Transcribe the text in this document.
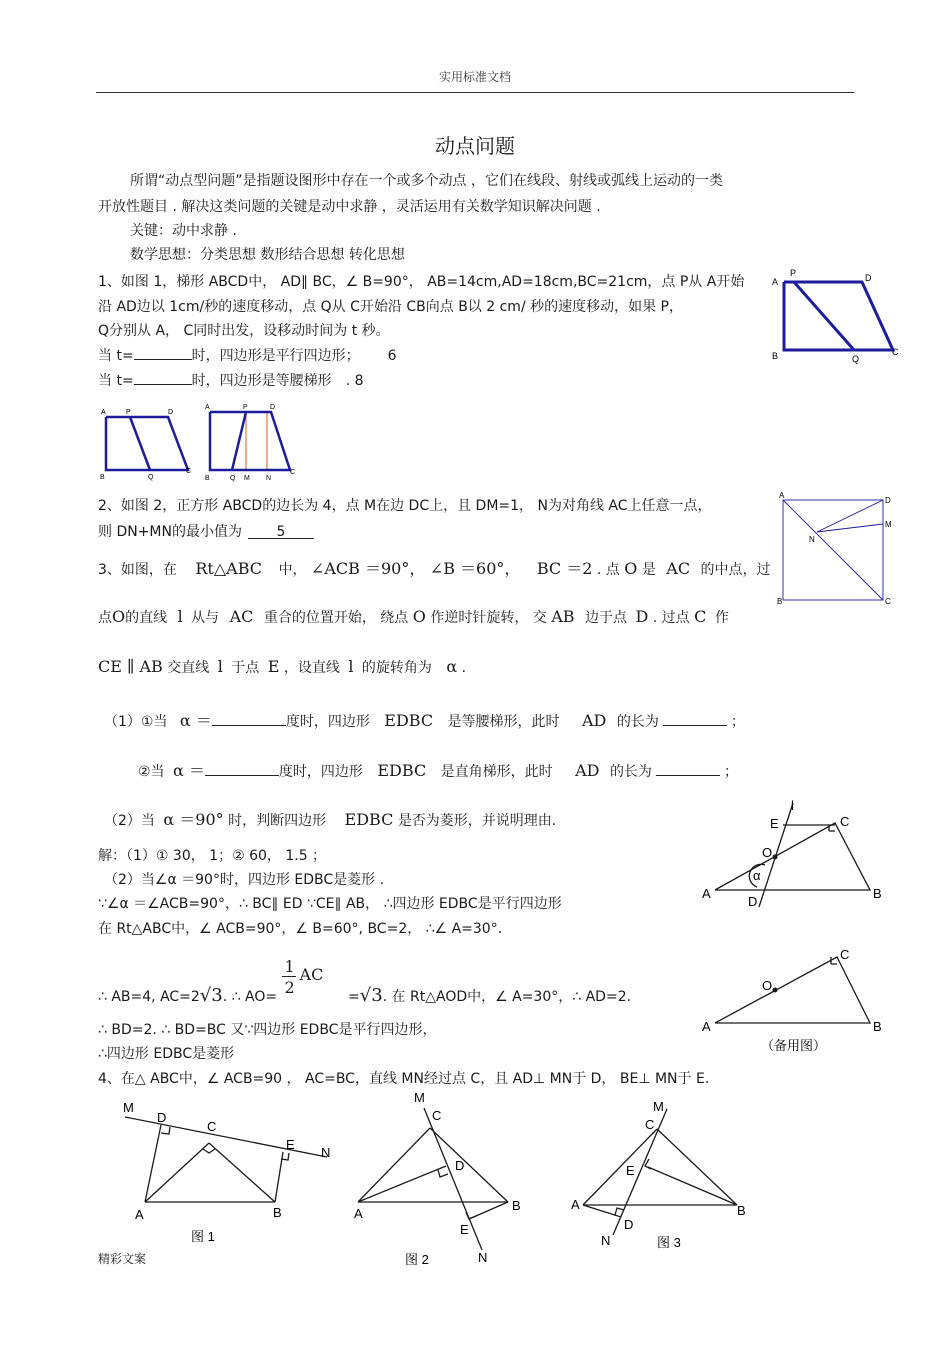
实用标准文档
动点问题
所谓“动点型问题”是指题设图形中存在一个或多个动点 ，它们在线段、射线或弧线上运动的一类
开放性题目 . 解决这类问题的关键是动中求静 ，灵活运用有关数学知识解决问题 .
关键：动中求静 .
数学思想：分类思想 数形结合思想 转化思想
1、如图 1，梯形 ABCD中， AD∥ BC，∠ B=90°， AB=14cm,AD=18cm,BC=21cm，点 P从 A开始
沿 AD边以 1cm/秒的速度移动，点 Q从 C开始沿 CB向点 B以 2 cm/ 秒的速度移动，如果 P，
Q分别从 A， C同时出发，设移动时间为 t 秒。
当 t=	时，四边形是平行四边形； 6
当 t=	时，四边形是等腰梯形 . 8
A
P	D
B	Q
C
A	P	D
B	Q
C
A	P	D
B	Q M N
C
2、如图 2，正方形 ABCD的边长为 4，点 M在边 DC上，且 DM=1， N为对角线 AC上任意一点，
则 DN+MN的最小值为 5
A
D
M
N
B	C
3、如图，在 Rt△ABC 中， ∠ACB ＝90°， ∠B ＝60°， BC ＝2 . 点 O 是 AC 的中点，过
点O的直线 l 从与 AC 重合的位置开始， 绕点 O 作逆时针旋转， 交 AB 边于点 D . 过点 C 作
CE ∥ AB 交直线 l 于点 E ，设直线 l 的旋转角为 α .
（1）①当 α ＝	度时，四边形 EDBC 是等腰梯形，此时 AD 的长为	；
②当 α ＝	度时，四边形 EDBC 是直角梯形，此时 AD 的长为	；
（2）当 α ＝90° 时，判断四边形 EDBC 是否为菱形，并说明理由.
解：（1）① 30， 1；② 60， 1.5 ；
（2）当∠α ＝90°时，四边形 EDBC是菱形 .
∵∠α ＝∠ACB=90°，∴ BC∥ ED ∵CE∥ AB， ∴四边形 EDBC是平行四边形
在 Rt△ABC中，∠ ACB=90°，∠ B=60°, BC=2， ∴∠ A=30°.
∴ AB=4, AC=2√3. ∴ AO=
1
2
AC
=√3. 在 Rt△AOD中，∠ A=30°，∴ AD=2.
∴ BD=2. ∴ BD=BC 又∵四边形 EDBC是平行四边形，
∴四边形 EDBC是菱形
l
E	C
O
α
A
D
B
C
O
A	B
（备用图）
4、在△ ABC中，∠ ACB=90 ， AC=BC，直线 MN经过点 C，且 AD⊥ MN于 D， BE⊥ MN于 E.
M
D
C
E
N
A	B
图 1
M
C
D
A
B
E
N
图 2
M
C
E
A	B
D
N	图 3
精彩文案
